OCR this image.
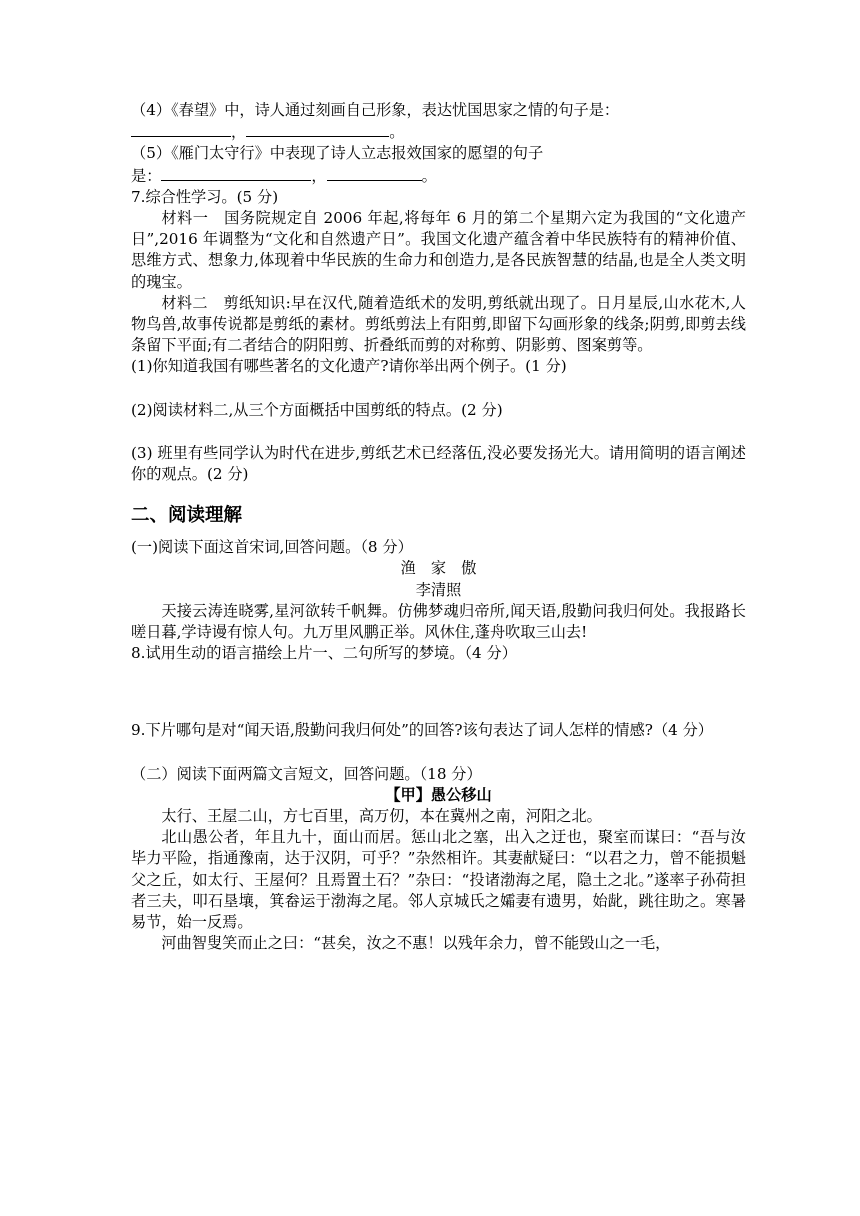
（4）《春望》中，诗人通过刻画自己形象，表达忧国思家之情的句子是：
，	。

（5）《雁门太守行》中表现了诗人立志报效国家的愿望的句子
是：	，	。

7.综合性学习。(5 分)

材料一　国务院规定自 2006 年起,将每年 6 月的第二个星期六定为我国的“文化遗产日”,2016 年调整为“文化和自然遗产日”。我国文化遗产蕴含着中华民族特有的精神价值、思维方式、想象力,体现着中华民族的生命力和创造力,是各民族智慧的结晶,也是全人类文明的瑰宝。

材料二　剪纸知识:早在汉代,随着造纸术的发明,剪纸就出现了。日月星辰,山水花木,人物鸟兽,故事传说都是剪纸的素材。剪纸剪法上有阳剪,即留下勾画形象的线条;阴剪,即剪去线条留下平面;有二者结合的阴阳剪、折叠纸而剪的对称剪、阴影剪、图案剪等。

(1)你知道我国有哪些著名的文化遗产?请你举出两个例子。(1 分)

(2)阅读材料二,从三个方面概括中国剪纸的特点。(2 分)

(3) 班里有些同学认为时代在进步,剪纸艺术已经落伍,没必要发扬光大。请用简明的语言阐述你的观点。(2 分)

二、阅读理解

(一)阅读下面这首宋词,回答问题。（8 分）

渔　家　傲

李清照

天接云涛连晓雾,星河欲转千帆舞。仿佛梦魂归帝所,闻天语,殷勤问我归何处。我报路长嗟日暮,学诗谩有惊人句。九万里风鹏正举。风休住,蓬舟吹取三山去!

8.试用生动的语言描绘上片一、二句所写的梦境。（4 分）

9.下片哪句是对“闻天语,殷勤问我归何处”的回答?该句表达了词人怎样的情感?（4 分）

（二）阅读下面两篇文言短文，回答问题。（18 分）

【甲】愚公移山

太行、王屋二山，方七百里，高万仞，本在冀州之南，河阳之北。

北山愚公者，年且九十，面山而居。惩山北之塞，出入之迂也，聚室而谋曰：“吾与汝毕力平险，指通豫南，达于汉阴，可乎？”杂然相许。其妻献疑曰：“以君之力，曾不能损魁父之丘，如太行、王屋何？且焉置土石？”杂曰：“投诸渤海之尾，隐土之北。”遂率子孙荷担者三夫，叩石垦壤，箕畚运于渤海之尾。邻人京城氏之孀妻有遗男，始龀，跳往助之。寒暑易节，始一反焉。

河曲智叟笑而止之曰：“甚矣，汝之不惠！以残年余力，曾不能毁山之一毛，
